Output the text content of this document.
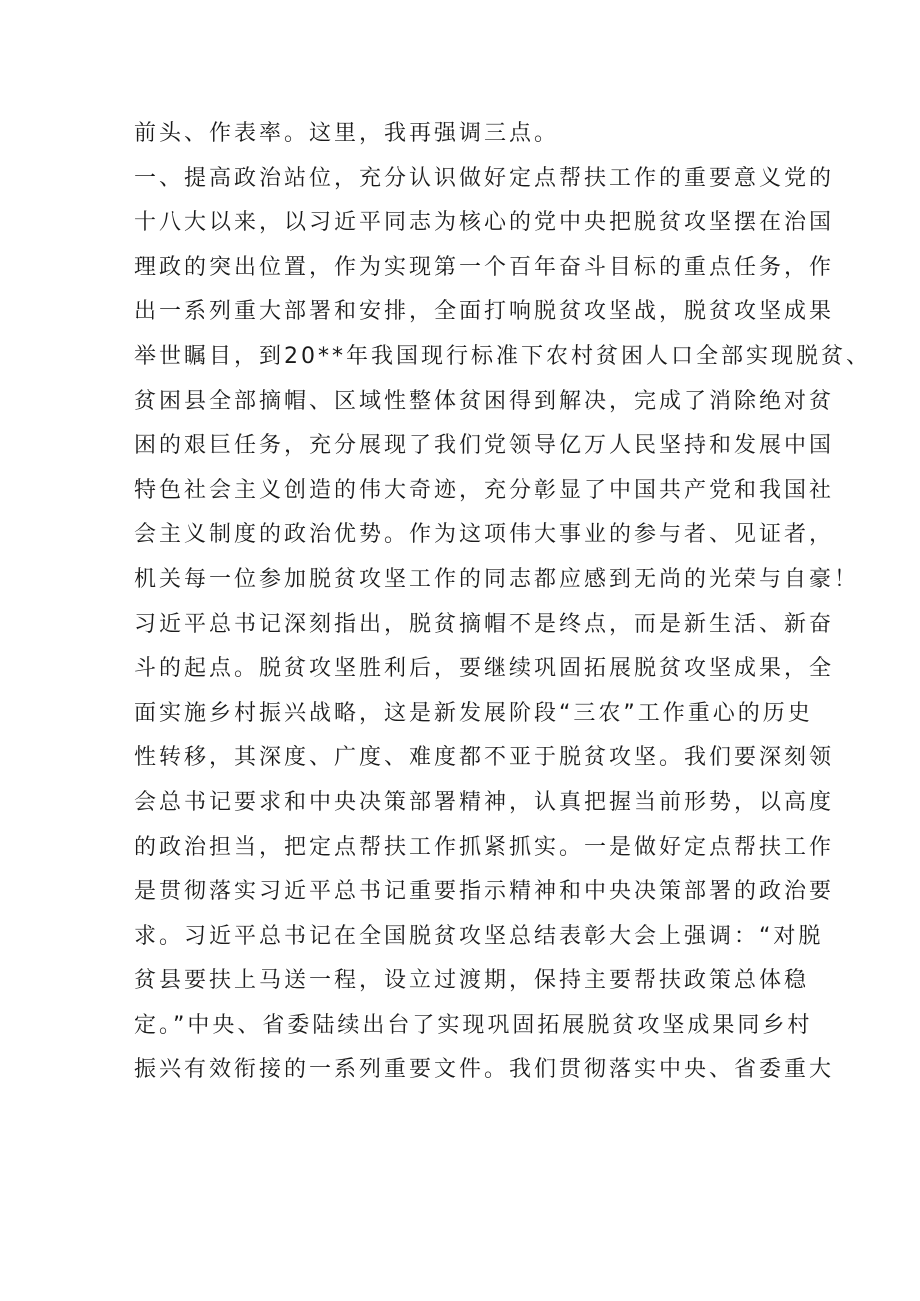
前头、作表率。这里，我再强调三点。
一、提高政治站位，充分认识做好定点帮扶工作的重要意义党的
十八大以来，以习近平同志为核心的党中央把脱贫攻坚摆在治国
理政的突出位置，作为实现第一个百年奋斗目标的重点任务，作
出一系列重大部署和安排，全面打响脱贫攻坚战，脱贫攻坚成果
举世瞩目，到20**年我国现行标准下农村贫困人口全部实现脱贫、
贫困县全部摘帽、区域性整体贫困得到解决，完成了消除绝对贫
困的艰巨任务，充分展现了我们党领导亿万人民坚持和发展中国
特色社会主义创造的伟大奇迹，充分彰显了中国共产党和我国社
会主义制度的政治优势。作为这项伟大事业的参与者、见证者，
机关每一位参加脱贫攻坚工作的同志都应感到无尚的光荣与自豪！
习近平总书记深刻指出，脱贫摘帽不是终点，而是新生活、新奋
斗的起点。脱贫攻坚胜利后，要继续巩固拓展脱贫攻坚成果，全
面实施乡村振兴战略，这是新发展阶段“三农”工作重心的历史
性转移，其深度、广度、难度都不亚于脱贫攻坚。我们要深刻领
会总书记要求和中央决策部署精神，认真把握当前形势，以高度
的政治担当，把定点帮扶工作抓紧抓实。一是做好定点帮扶工作
是贯彻落实习近平总书记重要指示精神和中央决策部署的政治要
求。习近平总书记在全国脱贫攻坚总结表彰大会上强调：“对脱
贫县要扶上马送一程，设立过渡期，保持主要帮扶政策总体稳
定。”中央、省委陆续出台了实现巩固拓展脱贫攻坚成果同乡村
振兴有效衔接的一系列重要文件。我们贯彻落实中央、省委重大
